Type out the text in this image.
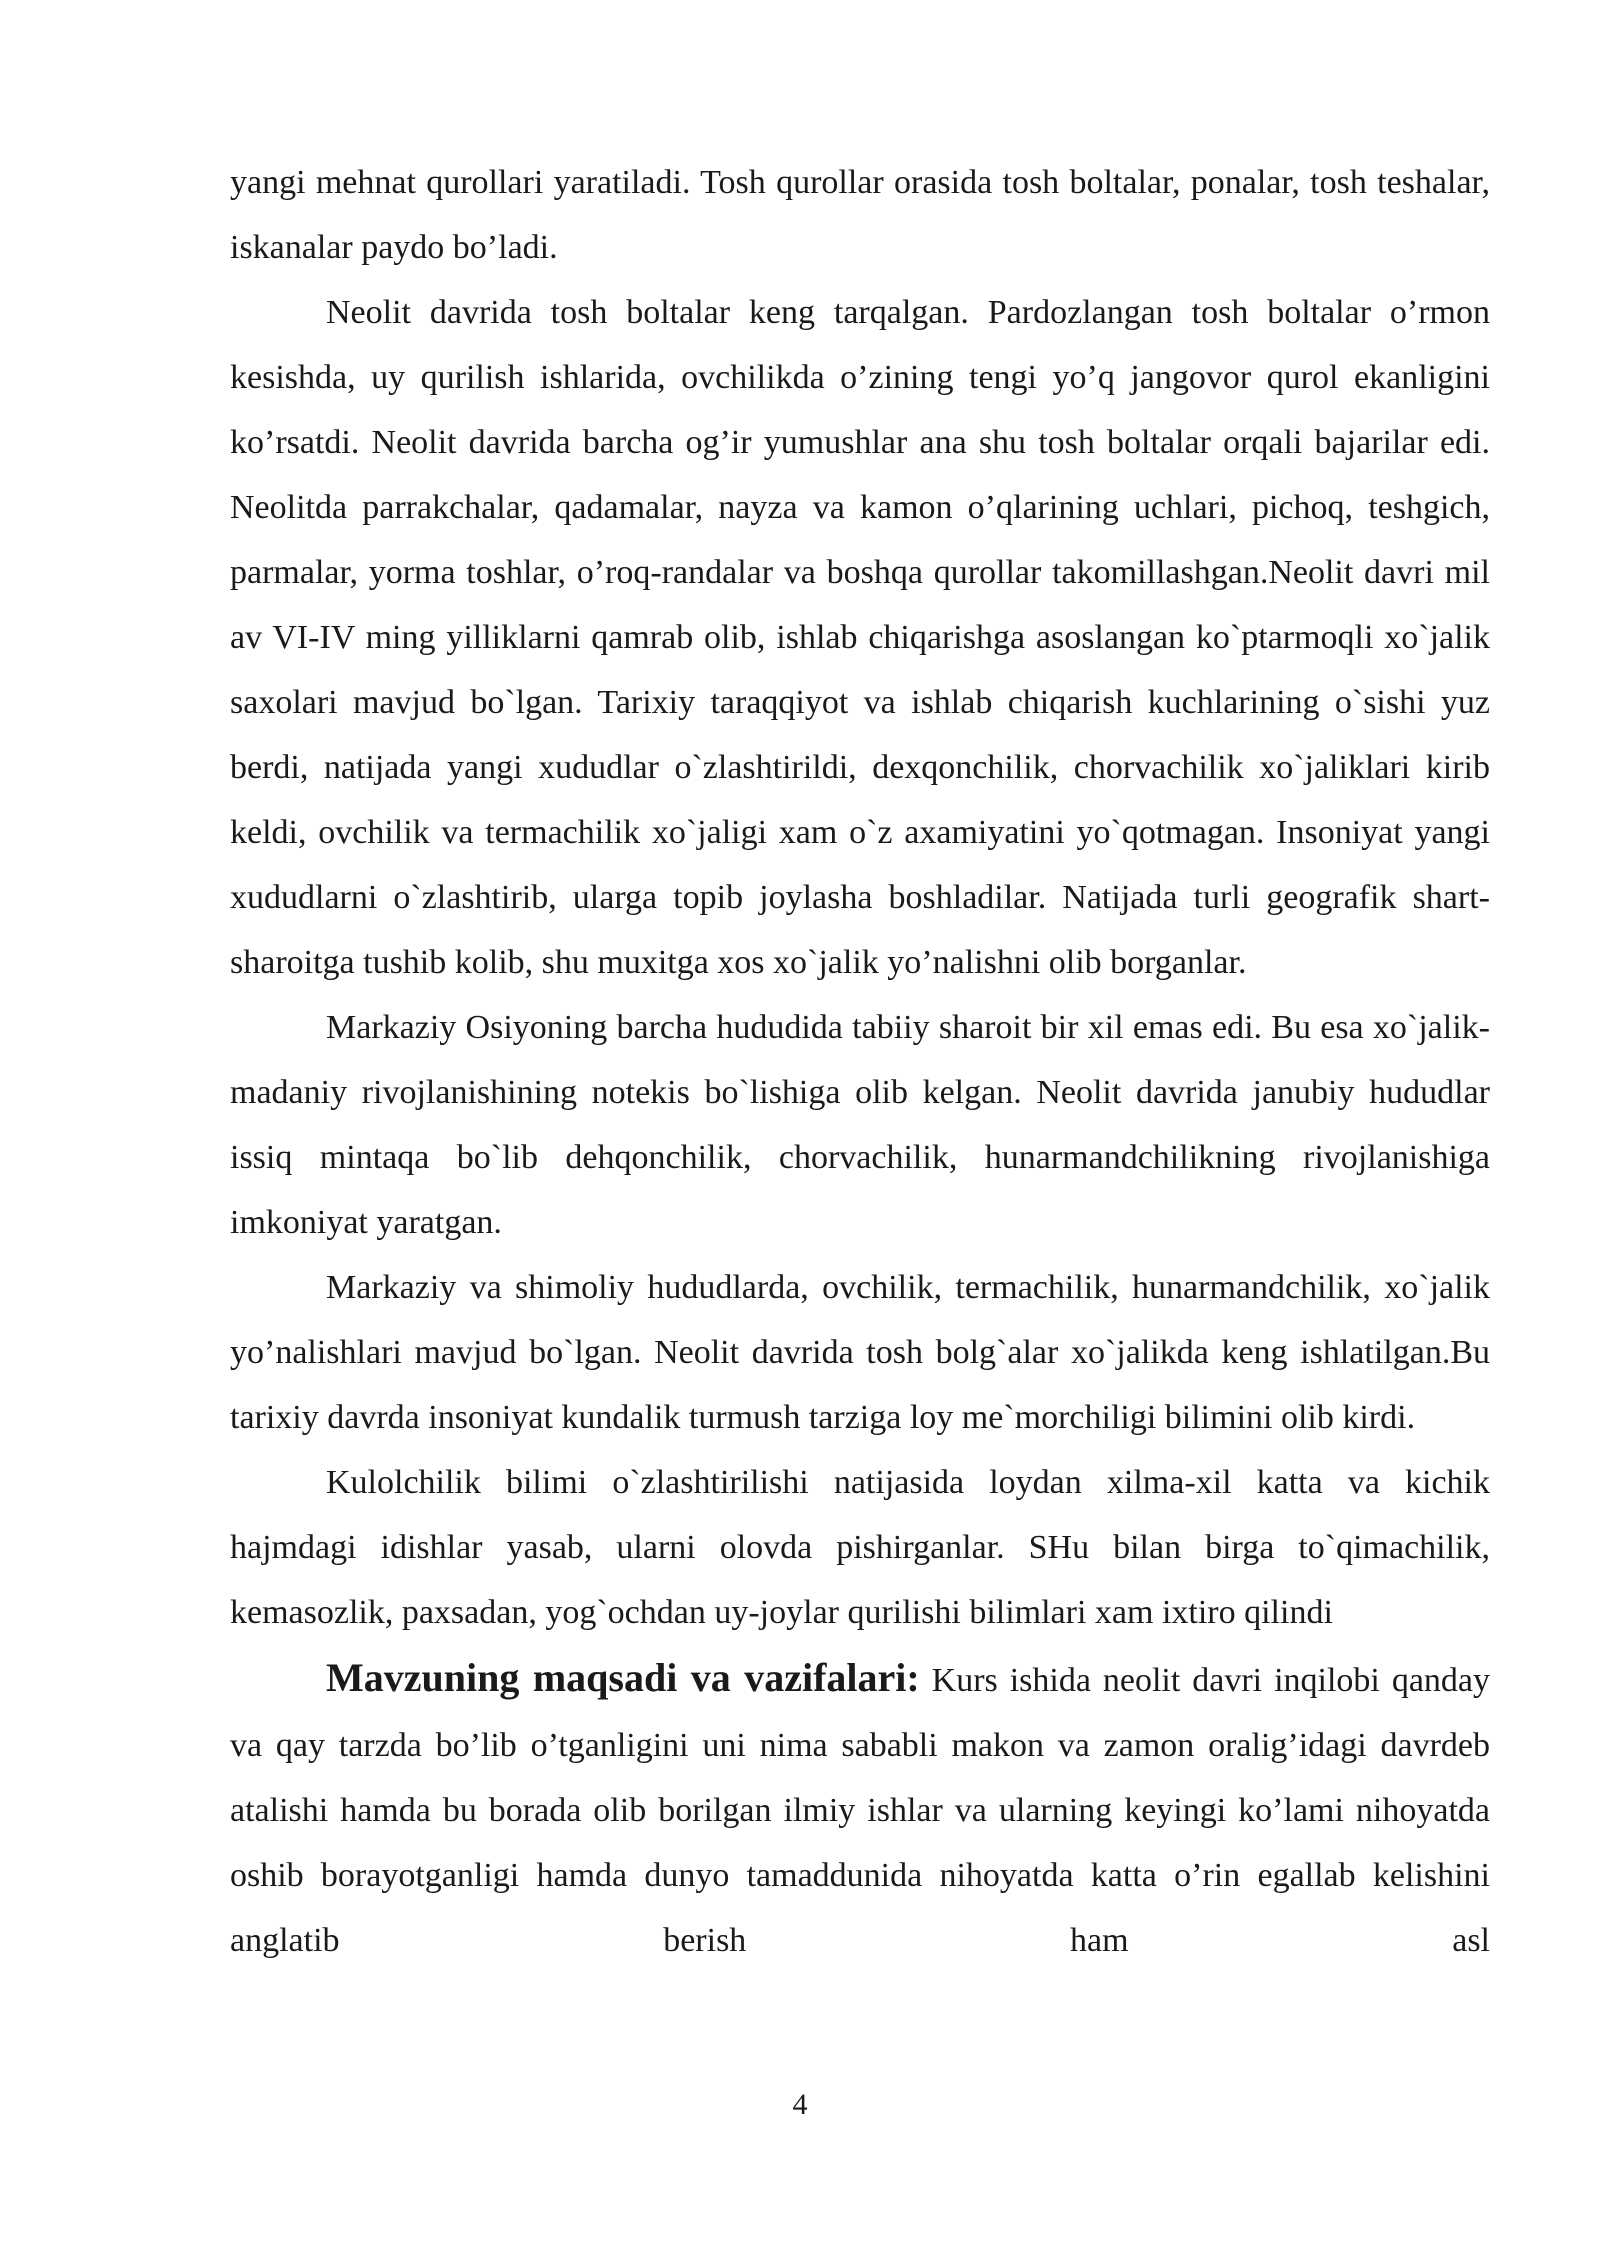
yangi mehnat qurollari yaratiladi. Tosh qurollar orasida tosh boltalar, ponalar, tosh teshalar, iskanalar paydo bo’ladi.

Neolit davrida tosh boltalar keng tarqalgan. Pardozlangan tosh boltalar o’rmon kesishda, uy qurilish ishlarida, ovchilikda o’zining tengi yo’q jangovor qurol ekanligini ko’rsatdi. Neolit davrida barcha og’ir yumushlar ana shu tosh boltalar orqali bajarilar edi. Neolitda parrakchalar, qadamalar, nayza va kamon o’qlarining uchlari, pichoq, teshgich, parmalar, yorma toshlar, o’roq-randalar va boshqa qurollar takomillashgan.Neolit davri mil av VI-IV ming yilliklarni qamrab olib, ishlab chiqarishga asoslangan ko`ptarmoqli xo`jalik saxolari mavjud bo`lgan. Tarixiy taraqqiyot va ishlab chiqarish kuchlarining o`sishi yuz berdi, natijada yangi xududlar o`zlashtirildi, dexqonchilik, chorvachilik xo`jaliklari kirib keldi, ovchilik va termachilik xo`jaligi xam o`z axamiyatini yo`qotmagan. Insoniyat yangi xududlarni o`zlashtirib, ularga topib joylasha boshladilar. Natijada turli geografik shart-sharoitga tushib kolib, shu muxitga xos xo`jalik yo’nalishni olib borganlar.

Markaziy Osiyoning barcha hududida tabiiy sharoit bir xil emas edi. Bu esa xo`jalik-madaniy rivojlanishining notekis bo`lishiga olib kelgan. Neolit davrida janubiy hududlar issiq mintaqa bo`lib dehqonchilik, chorvachilik, hunarmandchilikning rivojlanishiga imkoniyat yaratgan.

Markaziy va shimoliy hududlarda, ovchilik, termachilik, hunarmandchilik, xo`jalik yo’nalishlari mavjud bo`lgan. Neolit davrida tosh bolg`alar xo`jalikda keng ishlatilgan.Bu tarixiy davrda insoniyat kundalik turmush tarziga loy me`morchiligi bilimini olib kirdi.

Kulolchilik bilimi o`zlashtirilishi natijasida loydan xilma-xil katta va kichik hajmdagi idishlar yasab, ularni olovda pishirganlar. SHu bilan birga to`qimachilik, kemasozlik, paxsadan, yog`ochdan uy-joylar qurilishi bilimlari xam ixtiro qilindi

Mavzuning maqsadi va vazifalari: Kurs ishida neolit davri inqilobi qanday va qay tarzda bo’lib o’tganligini uni nima sababli makon va zamon oralig’idagi davrdeb atalishi hamda bu borada olib borilgan ilmiy ishlar va ularning keyingi ko’lami nihoyatda oshib borayotganligi hamda dunyo tamaddunida nihoyatda katta o’rin egallab kelishini anglatib berish ham asl

4
